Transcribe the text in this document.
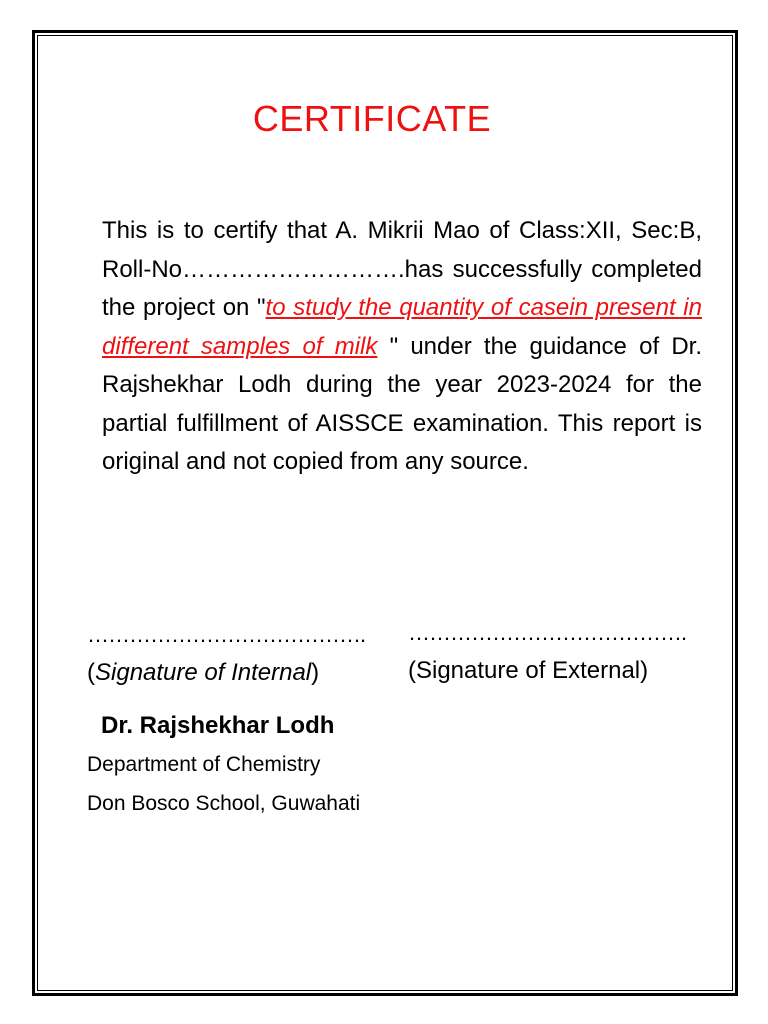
CERTIFICATE
This is to certify that A. Mikrii Mao of Class:XII, Sec:B, Roll-No……………………….has successfully completed the project on "to study the quantity of casein present in different samples of milk " under the guidance of Dr. Rajshekhar Lodh during the year 2023-2024 for the partial fulfillment of AISSCE examination. This report is original and not copied from any source.
………………………………….
(Signature of Internal)
………………………………….
(Signature of External)
Dr. Rajshekhar Lodh
Department of Chemistry
Don Bosco School, Guwahati
